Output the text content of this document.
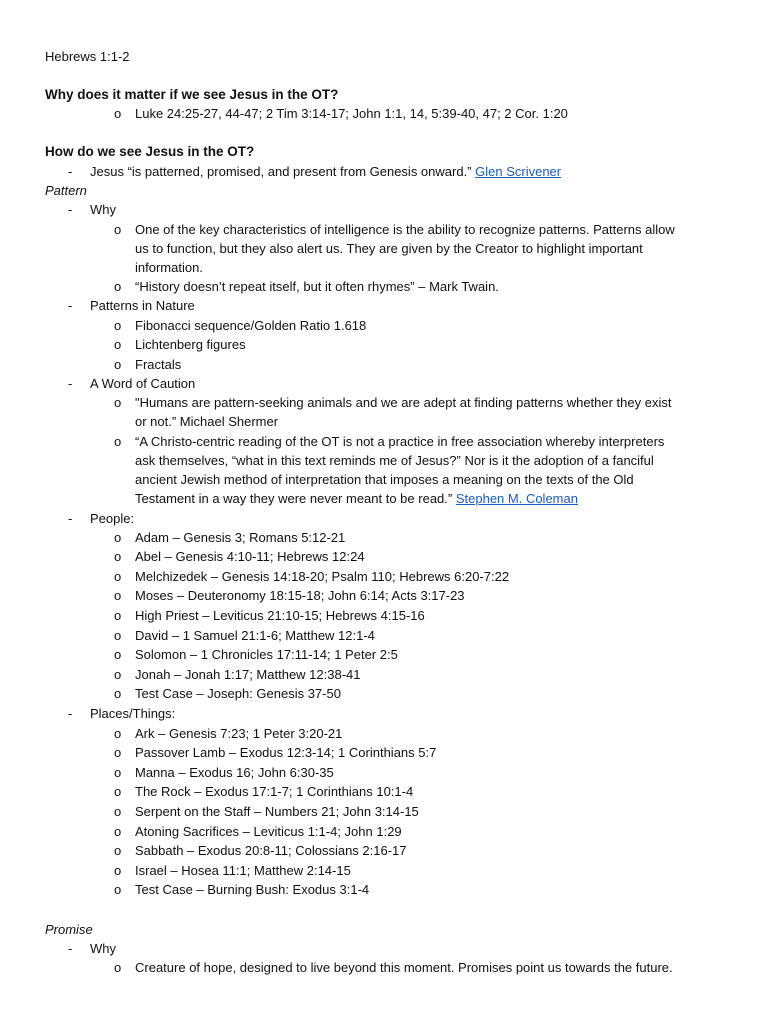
Hebrews 1:1-2
Why does it matter if we see Jesus in the OT?
o Luke 24:25-27, 44-47; 2 Tim 3:14-17; John 1:1, 14, 5:39-40, 47; 2 Cor. 1:20
How do we see Jesus in the OT?
- Jesus “is patterned, promised, and present from Genesis onward.” Glen Scrivener
Pattern
- Why
o One of the key characteristics of intelligence is the ability to recognize patterns. Patterns allow
us to function, but they also alert us. They are given by the Creator to highlight important
information.
o “History doesn’t repeat itself, but it often rhymes” – Mark Twain.
- Patterns in Nature
o Fibonacci sequence/Golden Ratio 1.618
o Lichtenberg figures
o Fractals
- A Word of Caution
o "Humans are pattern-seeking animals and we are adept at finding patterns whether they exist
or not.” Michael Shermer
o “A Christo-centric reading of the OT is not a practice in free association whereby interpreters
ask themselves, “what in this text reminds me of Jesus?” Nor is it the adoption of a fanciful
ancient Jewish method of interpretation that imposes a meaning on the texts of the Old
Testament in a way they were never meant to be read.” Stephen M. Coleman
- People:
o Adam – Genesis 3; Romans 5:12-21
o Abel – Genesis 4:10-11; Hebrews 12:24
o Melchizedek – Genesis 14:18-20; Psalm 110; Hebrews 6:20-7:22
o Moses – Deuteronomy 18:15-18; John 6:14; Acts 3:17-23
o High Priest – Leviticus 21:10-15; Hebrews 4:15-16
o David – 1 Samuel 21:1-6; Matthew 12:1-4
o Solomon – 1 Chronicles 17:11-14; 1 Peter 2:5
o Jonah – Jonah 1:17; Matthew 12:38-41
o Test Case – Joseph: Genesis 37-50
- Places/Things:
o Ark – Genesis 7:23; 1 Peter 3:20-21
o Passover Lamb – Exodus 12:3-14; 1 Corinthians 5:7
o Manna – Exodus 16; John 6:30-35
o The Rock – Exodus 17:1-7; 1 Corinthians 10:1-4
o Serpent on the Staff – Numbers 21; John 3:14-15
o Atoning Sacrifices – Leviticus 1:1-4; John 1:29
o Sabbath – Exodus 20:8-11; Colossians 2:16-17
o Israel – Hosea 11:1; Matthew 2:14-15
o Test Case – Burning Bush: Exodus 3:1-4
Promise
- Why
o Creature of hope, designed to live beyond this moment. Promises point us towards the future.
